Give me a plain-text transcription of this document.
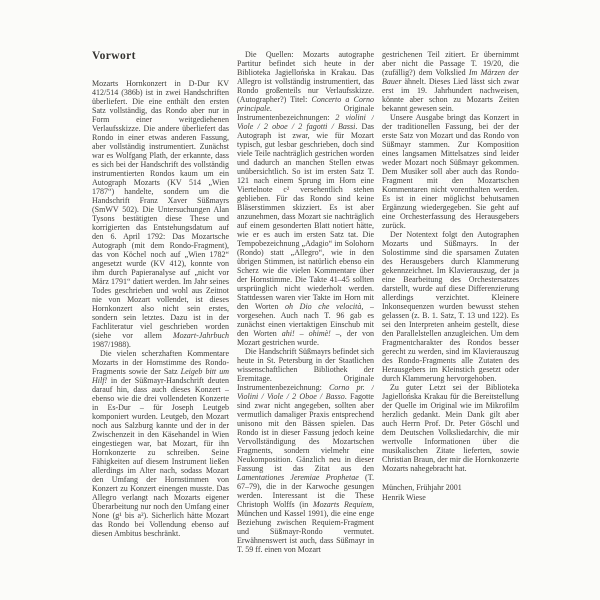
Vorwort

Mozarts Hornkonzert in D-Dur KV 412/514 (386b) ist in zwei Handschriften überliefert. Die eine enthält den ersten Satz vollständig, das Rondo aber nur in Form einer weitgediehenen Verlaufsskizze. Die andere überliefert das Rondo in einer etwas anderen Fassung, aber vollständig instrumentiert. Zunächst war es Wolfgang Plath, der erkannte, dass es sich bei der Handschrift des vollständig instrumentierten Rondos kaum um ein Autograph Mozarts (KV 514 „Wien 1787“) handelte, sondern um die Handschrift Franz Xaver Süßmayrs (SmWV 502). Die Untersuchungen Alan Tysons bestätigten diese These und korrigierten das Entstehungsdatum auf den 6. April 1792: Das Mozartsche Autograph (mit dem Rondo-Fragment), das von Köchel noch auf „Wien 1782“ angesetzt wurde (KV 412), konnte von ihm durch Papieranalyse auf „nicht vor März 1791“ datiert werden. Im Jahr seines Todes geschrieben und wohl aus Zeitnot nie von Mozart vollendet, ist dieses Hornkonzert also nicht sein erstes, sondern sein letztes. Dazu ist in der Fachliteratur viel geschrieben worden (siehe vor allem Mozart-Jahrbuch 1987/1988).

Die vielen scherzhaften Kommentare Mozarts in der Hornstimme des Rondo-Fragments sowie der Satz Leigeb bitt um Hilf! in der Süßmayr-Handschrift deuten darauf hin, dass auch dieses Konzert – ebenso wie die drei vollendeten Konzerte in Es-Dur – für Joseph Leutgeb komponiert wurden. Leutgeb, den Mozart noch aus Salzburg kannte und der in der Zwischenzeit in den Käsehandel in Wien eingestiegen war, bat Mozart, für ihn Hornkonzerte zu schreiben. Seine Fähigkeiten auf diesem Instrument ließen allerdings im Alter nach, sodass Mozart den Umfang der Hornstimmen von Konzert zu Konzert einengen musste. Das Allegro verlangt nach Mozarts eigener Überarbeitung nur noch den Umfang einer None (g¹ bis a²). Sicherlich hätte Mozart das Rondo bei Vollendung ebenso auf diesen Ambitus beschränkt.

Die Quellen: Mozarts autographe Partitur befindet sich heute in der Biblioteka Jagiellońska in Krakau. Das Allegro ist vollständig instrumentiert, das Rondo großenteils nur Verlaufsskizze. (Autographer?) Titel: Concerto a Corno principale. Originale Instrumentenbezeichnungen: 2 violini / Viole / 2 oboe / 2 fagotti / Bassi. Das Autograph ist zwar, wie für Mozart typisch, gut lesbar geschrieben, doch sind viele Teile nachträglich gestrichen worden und dadurch an manchen Stellen etwas unübersichtlich. So ist im ersten Satz T. 121 nach einem Sprung im Horn eine Viertelnote c² versehentlich stehen geblieben. Für das Rondo sind keine Bläserstimmen skizziert. Es ist aber anzunehmen, dass Mozart sie nachträglich auf einem gesonderten Blatt notiert hätte, wie er es auch im ersten Satz tat. Die Tempobezeichnung „Adagio“ im Solohorn (Rondo) statt „Allegro“, wie in den übrigen Stimmen, ist natürlich ebenso ein Scherz wie die vielen Kommentare über der Hornstimme. Die Takte 41–45 sollten ursprünglich nicht wiederholt werden. Stattdessen waren vier Takte im Horn mit den Worten oh Dio che velocità, – vorgesehen. Auch nach T. 96 gab es zunächst einen viertaktigen Einschub mit den Worten ahi! – ohimè! –, der von Mozart gestrichen wurde.

Die Handschrift Süßmayrs befindet sich heute in St. Petersburg in der Staatlichen wissenschaftlichen Bibliothek der Eremitage. Originale Instrumentenbezeichnung: Corno pr. / Violini / Viole / 2 Oboe / Basso. Fagotte sind zwar nicht angegeben, sollten aber vermutlich damaliger Praxis entsprechend unisono mit den Bässen spielen. Das Rondo ist in dieser Fassung jedoch keine Vervollständigung des Mozartschen Fragments, sondern vielmehr eine Neukomposition. Gänzlich neu in dieser Fassung ist das Zitat aus den Lamentationes Jeremiae Prophetae (T. 67–79), die in der Karwoche gesungen werden. Interessant ist die These Christoph Wolffs (in Mozarts Requiem, München und Kassel 1991), die eine enge Beziehung zwischen Requiem-Fragment und Süßmayr-Rondo vermutet. Erwähnenswert ist auch, dass Süßmayr in T. 59 ff. einen von Mozart

gestrichenen Teil zitiert. Er übernimmt aber nicht die Passage T. 19/20, die (zufällig?) dem Volkslied Im Märzen der Bauer ähnelt. Dieses Lied lässt sich zwar erst im 19. Jahrhundert nachweisen, könnte aber schon zu Mozarts Zeiten bekannt gewesen sein.

Unsere Ausgabe bringt das Konzert in der traditionellen Fassung, bei der der erste Satz von Mozart und das Rondo von Süßmayr stammen. Zur Komposition eines langsamen Mittelsatzes sind leider weder Mozart noch Süßmayr gekommen. Dem Musiker soll aber auch das Rondo-Fragment mit den Mozartschen Kommentaren nicht vorenthalten werden. Es ist in einer möglichst behutsamen Ergänzung wiedergegeben. Sie geht auf eine Orchesterfassung des Herausgebers zurück.

Der Notentext folgt den Autographen Mozarts und Süßmayrs. In der Solostimme sind die sparsamen Zutaten des Herausgebers durch Klammerung gekennzeichnet. Im Klavierauszug, der ja eine Bearbeitung des Orchestersatzes darstellt, wurde auf diese Differenzierung allerdings verzichtet. Kleinere Inkonsequenzen wurden bewusst stehen gelassen (z. B. 1. Satz, T. 13 und 122). Es sei den Interpreten anheim gestellt, diese den Parallelstellen anzugleichen. Um dem Fragmentcharakter des Rondos besser gerecht zu werden, sind im Klavierauszug des Rondo-Fragments alle Zutaten des Herausgebers im Kleinstich gesetzt oder durch Klammerung hervorgehoben.

Zu guter Letzt sei der Biblioteka Jagiellońska Krakau für die Bereitstellung der Quelle im Original wie im Mikrofilm herzlich gedankt. Mein Dank gilt aber auch Herrn Prof. Dr. Peter Göschl und dem Deutschen Volksliedarchiv, die mir wertvolle Informationen über die musikalischen Zitate lieferten, sowie Christian Braun, der mir die Hornkonzerte Mozarts nahegebracht hat.

München, Frühjahr 2001
Henrik Wiese
